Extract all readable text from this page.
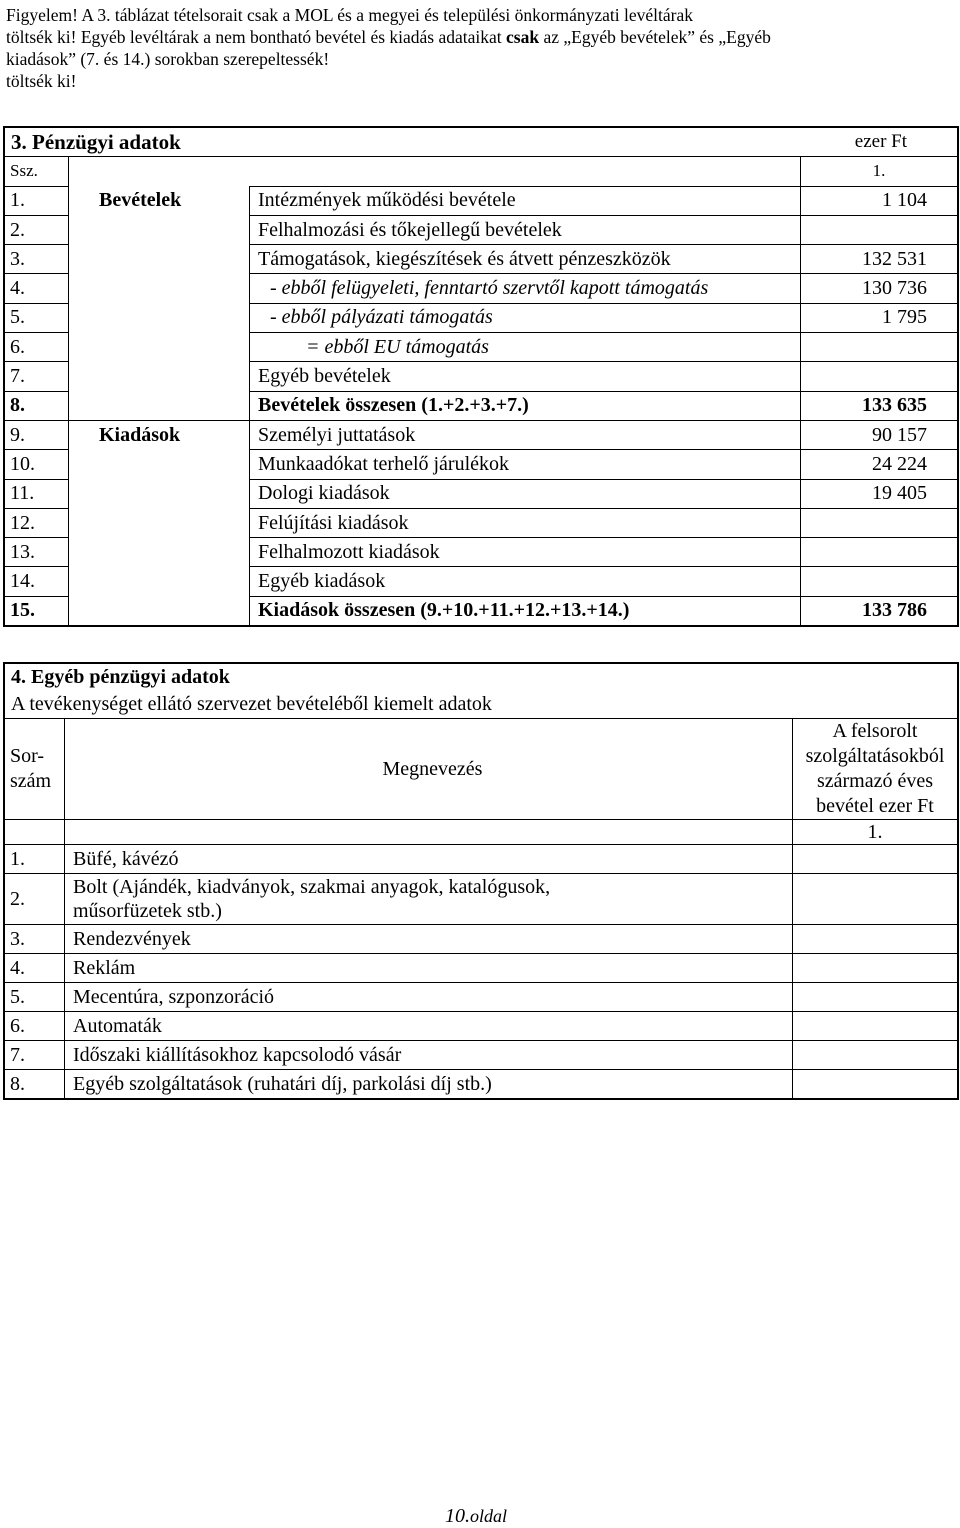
Figyelem! A 3. táblázat tételsorait csak a MOL és a megyei és települési önkormányzati levéltárak

töltsék ki! Egyéb levéltárak a nem bontható bevétel és kiadás adataikat csak az „Egyéb bevételek” és „Egyéb

kiadások” (7. és 14.) sorokban szerepeltessék!

töltsék ki!

3. Pénzügyi adatok			ezer Ft
Ssz.			1.
1.	Bevételek	Intézmények működési bevétele	1 104
2.		Felhalmozási és tőkejellegű bevételek	
3.		Támogatások, kiegészítések és átvett pénzeszközök	132 531
4.		- ebből felügyeleti, fenntartó szervtől kapott támogatás	130 736
5.		- ebből pályázati támogatás	1 795
6.		= ebből EU támogatás	
7.		Egyéb bevételek	
8.		Bevételek összesen (1.+2.+3.+7.)	133 635
9.	Kiadások	Személyi juttatások	90 157
10.		Munkaadókat terhelő járulékok	24 224
11.		Dologi kiadások	19 405
12.		Felújítási kiadások	
13.		Felhalmozott kiadások	
14.		Egyéb kiadások	
15.		Kiadások összesen (9.+10.+11.+12.+13.+14.)	133 786
4. Egyéb pénzügyi adatok		
A tevékenységet ellátó szervezet bevételéből kiemelt adatok		
Sor-
szám	Megnevezés	A felsorolt
szolgáltatásokból
származó éves
bevétel ezer Ft
		1.
1.	Büfé, kávézó	
2.	Bolt (Ajándék, kiadványok, szakmai anyagok, katalógusok, műsorfüzetek stb.)	
3.	Rendezvények	
4.	Reklám	
5.	Mecentúra, szponzoráció	
6.	Automaták	
7.	Időszaki kiállításokhoz kapcsolodó vásár	
8.	Egyéb szolgáltatások (ruhatári díj, parkolási díj stb.)	
10.oldal
